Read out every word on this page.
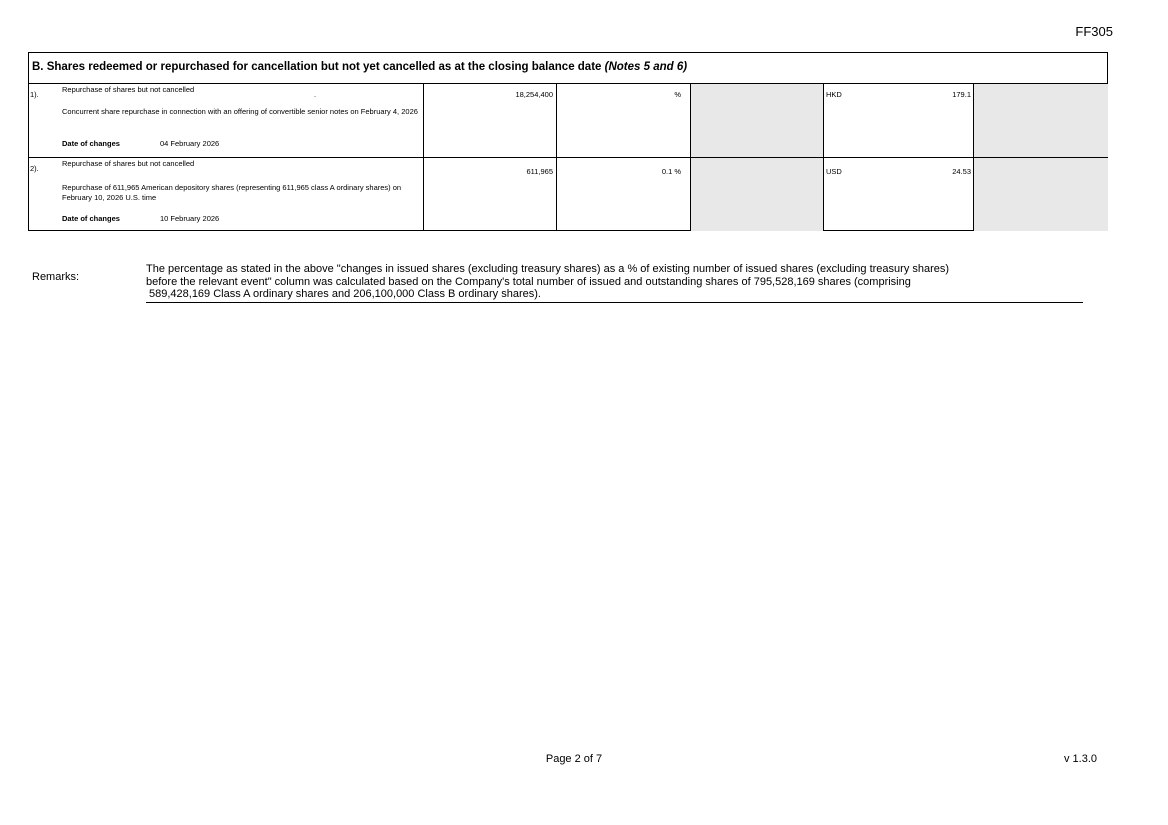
FF305
B. Shares redeemed or repurchased for cancellation but not yet cancelled as at the closing balance date (Notes 5 and 6)
1).
Repurchase of shares but not cancelled
.
Concurrent share repurchase in connection with an offering of convertible senior notes on February 4, 2026
Date of changes	04 February 2026
18,254,400	%	HKD	179.1
2).
Repurchase of shares but not cancelled
Repurchase of 611,965 American depository shares (representing 611,965 class A ordinary shares) on February 10, 2026 U.S. time
Date of changes	10 February 2026
611,965	0.1 %	USD	24.53
Remarks:
The percentage as stated in the above "changes in issued shares (excluding treasury shares) as a % of existing number of issued shares (excluding treasury shares)
before the relevant event" column was calculated based on the Company's total number of issued and outstanding shares of 795,528,169 shares (comprising
589,428,169 Class A ordinary shares and 206,100,000 Class B ordinary shares).
Page 2 of 7	v 1.3.0
